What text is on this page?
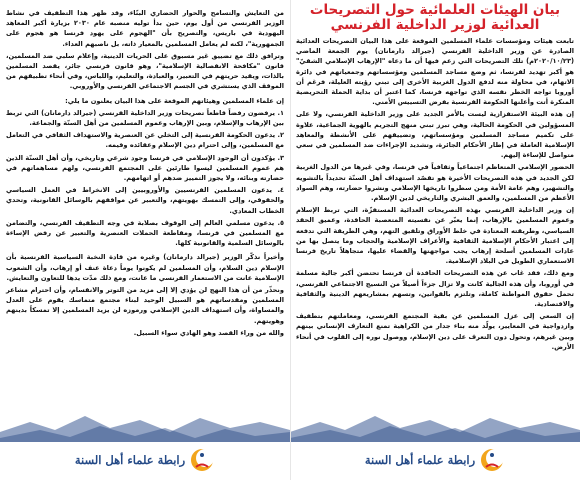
بيان الهيئات العلمائية حول التصريحات العدائية لوزير الداخلية الفرنسي

تابعت هيئات ومؤسسات علماء المسلمين الموقعة على هذا البيان التصريحات العدائية الصادرة عن وزير الداخلية الفرنسي (جيرالد دارمانان) يوم الجمعة الماضي (٢٠٢٠/١٠/٢٣م) تلك التصريحات التي زعم فيها أن ما دعاه "الإرهاب الإسلامي الشقيّ" هو أكبر تهديد لفرنسا، ثم وضع مساجد المسلمين ومؤسساتهم وجمعياتهم في دائرة الاتهام، في محاولة منه لدفع الدول الغربية الأخرى إلى تبني رؤيته العليلة، فرغم أن أوروبا تواجه الخطر نفسه الذي تواجهه فرنسا، كما اعتبر أن بداية الحملة التحريضية المنكرة أتت وأعلنها الحكومة الفرنسية بفرض التسييس الأمني.

إن هذه البيئة الاستفزازية ليست بالأمر الجديد على وزير الداخلية الفرنسي، ولا على المسؤولين في الحكومة الحالية، وهي تبرز تبني منهج التجريم بالهوية الجماعية، علاوة على تكميم مساجد المسلمين ومؤسساتهم، وتضييقهم على الأنشطة والمعاهد الإسلامية العاملة في إطار الأحكام الجائرة، وتشديد الإجراءات ضد المسلمين في سعي متواصل للإساءة إليهم.

الحضور الإسلامي المتعاظم اجتماعياً وثقافياً في فرنسا، وفي غيرها من الدول الغربية لكن الجديد في هذه التصريحات الأخيرة هو تقصّد استهداف أهل السنّة تحديداً بالتشويه والتشهير، وهم عامة الأمة ومن سطروا تاريخها الإسلامي ونشروا حضارته، وهم السواد الأعظم من المسلمين، والعمق البشري والتاريخي لدين الإسلام.

إن وزير الداخلية الفرنسي بهذه التصريحات العدائية المستفزّة، التي تربط الإسلام وعموم المسلمين بالإرهاب، إنما يعبّر عن نفسيته المتعصبة الحاقدة، وعميق الحقد السياسي، وطريقته المعتادة في خلط الأوراق وتلفيق التهم، وهي الطريقة التي تدفعه إلى اعتبار الأحكام الإسلامية الثقافية والأعراف الإسلامية والحجاب وما يتصل بها من عادات المسلمين أسلحة إرهاب يجب مواجهتها والقضاء عليها، متجاهلاً تاريخ فرنسا الاستعماري الطويل في البلاد الإسلامية.

ومع ذلك، فقد غاب عن هذه التصريحات الحاقدة أن فرنسا تحتضن أكبر جالية مسلمة في أوروبا، وأن هذه الجالية كانت ولا تزال جزءاً أصيلاً من النسيج الاجتماعي الفرنسي، تحمل حقوق المواطنة كاملة، وتلتزم بالقوانين، وتسهم بمشاريعهم الدينية والثقافية والاقتصادية.

إن السعي إلى عزل المسلمين عن بقية المجتمع الفرنسي، ومعاملتهم بتطفيف وازدواجية في المعايير، يولّد منه بناء جدار من الكراهية تمنع التعارف الإنساني بينهم وبين غيرهم، وتحول دون التعرف على دين الإسلام، ووصول نوره إلى القلوب في أنحاء الأرض.

رابطة علماء أهل السنة

من التعايش والتسامح والحوار الحضاري البنّاء، وقد ظهر هذا التطفيف في نشاط الوزير الفرنسي من أول يوم، حين بدأ توليه منصبه عام ٢٠٣٠ بزيارة أكبر المعاهد اليهودية في باريس، والتصريح بأن "الهجوم على يهود فرنسا هو هجوم على الجمهورية"، لكنه لم يعامل المسلمين بالمعيار ذاته، بل ناصبهم العداء.

وترافق ذلك مع تضييق غير مسبوق على الحريات الدينية، وإعلام سلبي ضد المسلمين، قانون "مكافحة الانفصالية الإسلامية"، وهو قانون فرنسي جائر، يقصد المسلمين بالذات، ويقيد حريتهم في التعبير، والعبادة، والتعليم، واللباس، وفي أنحاء تطبيقهم من الموقف الذي يستشري في الجسم الاجتماعي الفرنسي والأوروبي.

إن علماء المسلمين وهيئاتهم الموقعة على هذا البيان يعلنون ما يلي:

١. يرفضون رفضاً قاطعاً تصريحات وزير الداخلية الفرنسي (جيرالد دارمانان) التي تربط بين الإرهاب والإسلام، وبين الإرهاب وعموم المسلمين من أهل السنّة والجماعة.

٢. يدعون الحكومة الفرنسية إلى التخلي عن العنصرية والاستهداف الثقافي في التعامل مع المسلمين، وإلى احترام دين الإسلام وعقائده وقيمه.

٣. يؤكدون أن الوجود الإسلامي في فرنسا وجود شرعي وتاريخي، وأن أهل السنّة الذين هم عموم المسلمين ليسوا طارئين على المجتمع الفرنسي، ولهم مساهماتهم في حضارته وبنائه، ولا يجوز التمييز ضدهم أو اتهامهم.

٤. يدعون المسلمين الفرنسيين والأوروبيين إلى الانخراط في العمل السياسي والحقوقي، وإلى التمسك بهويتهم، والتعبير عن مواقفهم بالوسائل القانونية، وتحدي الخطاب المعادي.

٥. يدعون مسلمي العالم إلى الوقوف بصلابة في وجه التطفيف الفرنسي، والتضامن مع المسلمين في فرنسا، ومقاطعة الحملات العنصرية والتعبير عن رفض الإساءة بالوسائل السلمية والقانونية كلها.

وأخيراً نذكّر الوزير (جيرالد دارمانان) وغيره من قادة النخبة السياسية الفرنسية بأن الإسلام دين السلام، وأن المسلمين لم يكونوا يوماً دعاة عنف أو إرهاب، وأن الشعوب الإسلامية عانت من الاستعمار الفرنسي ما عانت، ومع ذلك مدّت يدها للتعاون والتعايش.

ونحذّر من أن هذا النهج لن يؤدي إلا إلى مزيد من التوتر والانقسام، وأن احترام مشاعر المسلمين ومقدساتهم هو السبيل الوحيد لبناء مجتمع متماسك يقوم على العدل والمساواة، وأن استهداف الدين الإسلامي ورموزه لن يزيد المسلمين إلا تمسكاً بدينهم وهويتهم.

والله من وراء القصد وهو الهادي سواء السبيل.

رابطة علماء أهل السنة
